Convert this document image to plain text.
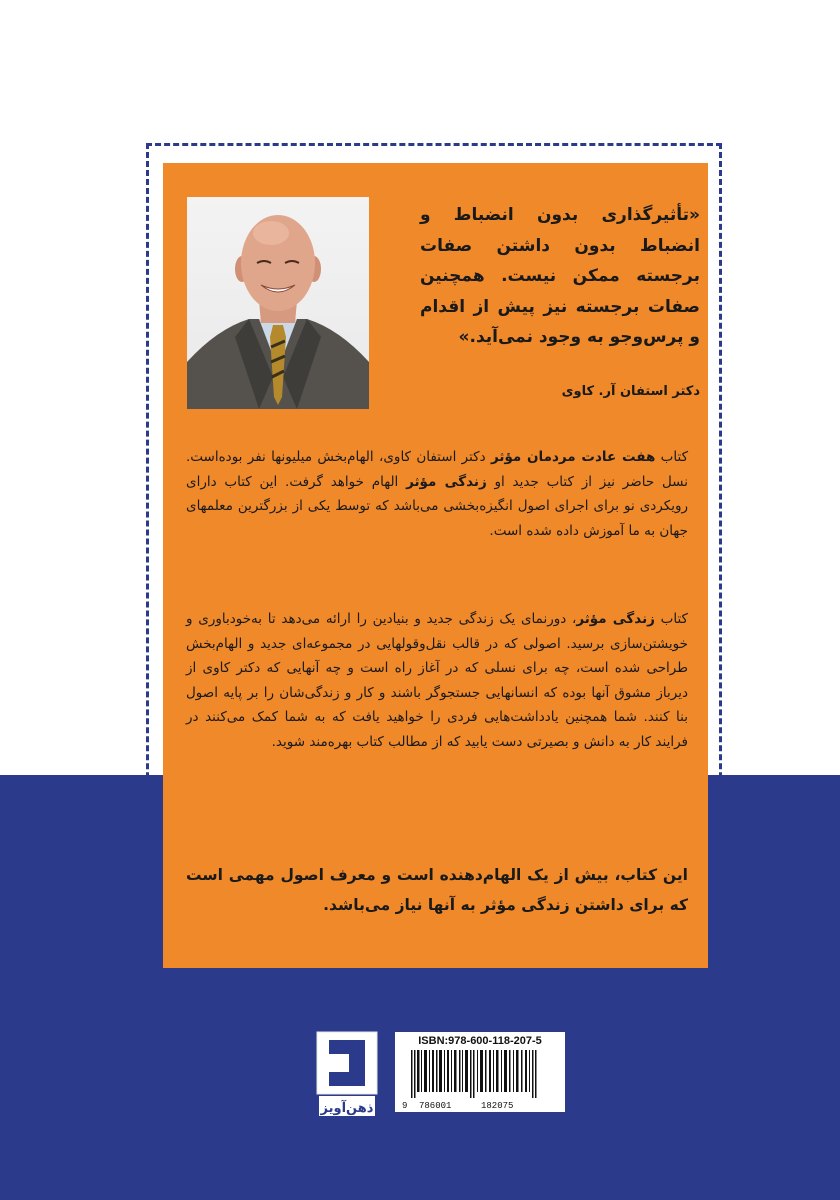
«تأثیرگذاری بدون انضباط و انضباط بدون داشتن صفات برجسته ممکن نیست. همچنین صفات برجسته نیز پیش از اقدام و پرس‌وجو به وجود نمی‌آید.»
دکتر استفان آر. کاوی
کتاب هفت عادت مردمان مؤثر دکتر استفان کاوی، الهام‌بخش میلیونها نفر بوده‌است. نسل حاضر نیز از کتاب جدید او زندگی مؤثر الهام خواهد گرفت. این کتاب دارای رویکردی نو برای اجرای اصول انگیزه‌بخشی می‌باشد که توسط یکی از بزرگترین معلمهای جهان به ما آموزش داده شده است.
کتاب زندگی مؤثر، دورنمای یک زندگی جدید و بنیادین را ارائه می‌دهد تا به‌خودباوری و خویشتن‌سازی برسید. اصولی که در قالب نقل‌وقولهایی در مجموعه‌ای جدید و الهام‌بخش طراحی شده است، چه برای نسلی که در آغاز راه است و چه آنهایی که دکتر کاوی از دیرباز مشوق آنها بوده که انسانهایی جستجوگر باشند و کار و زندگی‌شان را بر پایه اصول بنا کنند. شما همچنین یادداشت‌هایی فردی را خواهید یافت که به شما کمک می‌کنند در فرایند کار به دانش و بصیرتی دست یابید که از مطالب کتاب بهره‌مند شوید.
این کتاب، بیش از یک الهام‌دهنده است و معرف اصول مهمی است که برای داشتن زندگی مؤثر به آنها نیاز می‌باشد.
ذهن‌آویز
ISBN:978-600-118-207-5
9 786001	182075
